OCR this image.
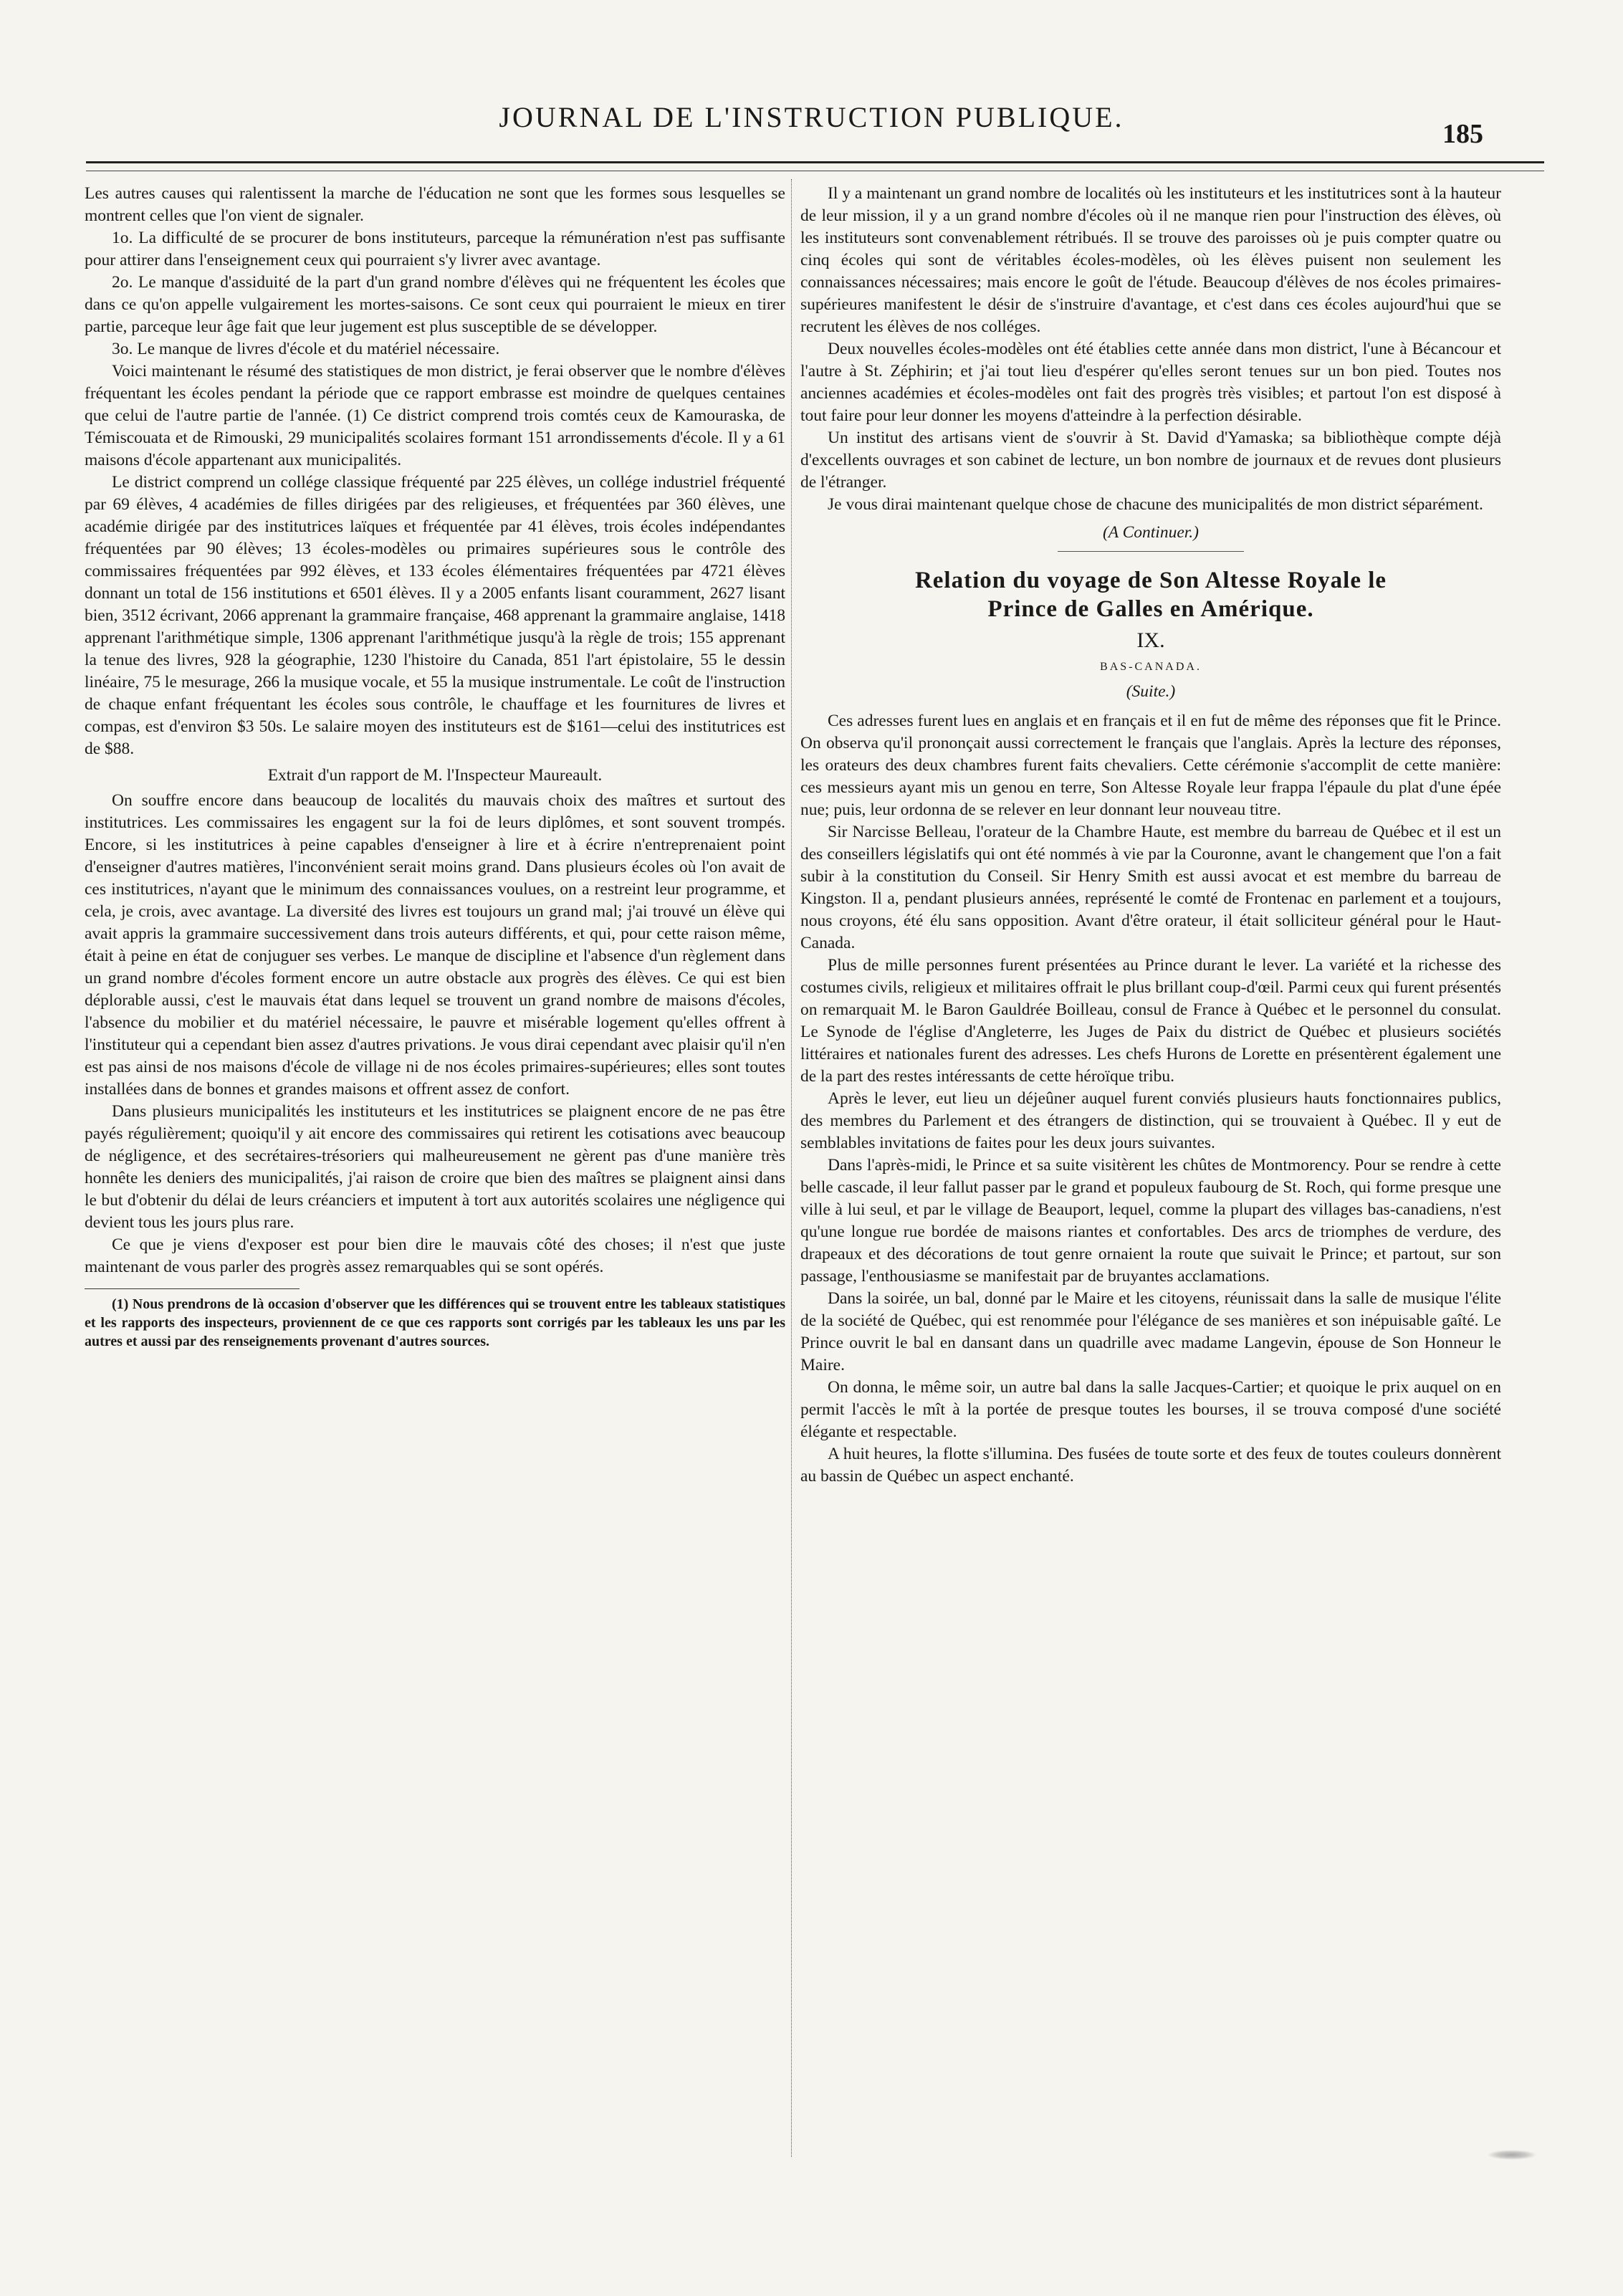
JOURNAL DE L'INSTRUCTION PUBLIQUE.
185

Les autres causes qui ralentissent la marche de l'éducation ne sont que les formes sous lesquelles se montrent celles que l'on vient de signaler.

1o. La difficulté de se procurer de bons instituteurs, parceque la rémunération n'est pas suffisante pour attirer dans l'enseignement ceux qui pourraient s'y livrer avec avantage.

2o. Le manque d'assiduité de la part d'un grand nombre d'élèves qui ne fréquentent les écoles que dans ce qu'on appelle vulgairement les mortes-saisons. Ce sont ceux qui pourraient le mieux en tirer partie, parceque leur âge fait que leur jugement est plus susceptible de se développer.

3o. Le manque de livres d'école et du matériel nécessaire.

Voici maintenant le résumé des statistiques de mon district, je ferai observer que le nombre d'élèves fréquentant les écoles pendant la période que ce rapport embrasse est moindre de quelques centaines que celui de l'autre partie de l'année. (1) Ce district comprend trois comtés ceux de Kamouraska, de Témiscouata et de Rimouski, 29 municipalités scolaires formant 151 arrondissements d'école. Il y a 61 maisons d'école appartenant aux municipalités.

Le district comprend un collége classique fréquenté par 225 élèves, un collége industriel fréquenté par 69 élèves, 4 académies de filles dirigées par des religieuses, et fréquentées par 360 élèves, une académie dirigée par des institutrices laïques et fréquentée par 41 élèves, trois écoles indépendantes fréquentées par 90 élèves; 13 écoles-modèles ou primaires supérieures sous le contrôle des commissaires fréquentées par 992 élèves, et 133 écoles élémentaires fréquentées par 4721 élèves donnant un total de 156 institutions et 6501 élèves. Il y a 2005 enfants lisant couramment, 2627 lisant bien, 3512 écrivant, 2066 apprenant la grammaire française, 468 apprenant la grammaire anglaise, 1418 apprenant l'arithmétique simple, 1306 apprenant l'arithmétique jusqu'à la règle de trois; 155 apprenant la tenue des livres, 928 la géographie, 1230 l'histoire du Canada, 851 l'art épistolaire, 55 le dessin linéaire, 75 le mesurage, 266 la musique vocale, et 55 la musique instrumentale. Le coût de l'instruction de chaque enfant fréquentant les écoles sous contrôle, le chauffage et les fournitures de livres et compas, est d'environ $3 50s. Le salaire moyen des instituteurs est de $161—celui des institutrices est de $88.

Extrait d'un rapport de M. l'Inspecteur Maureault.

On souffre encore dans beaucoup de localités du mauvais choix des maîtres et surtout des institutrices. Les commissaires les engagent sur la foi de leurs diplômes, et sont souvent trompés. Encore, si les institutrices à peine capables d'enseigner à lire et à écrire n'entreprenaient point d'enseigner d'autres matières, l'inconvénient serait moins grand. Dans plusieurs écoles où l'on avait de ces institutrices, n'ayant que le minimum des connaissances voulues, on a restreint leur programme, et cela, je crois, avec avantage. La diversité des livres est toujours un grand mal; j'ai trouvé un élève qui avait appris la grammaire successivement dans trois auteurs différents, et qui, pour cette raison même, était à peine en état de conjuguer ses verbes. Le manque de discipline et l'absence d'un règlement dans un grand nombre d'écoles forment encore un autre obstacle aux progrès des élèves. Ce qui est bien déplorable aussi, c'est le mauvais état dans lequel se trouvent un grand nombre de maisons d'écoles, l'absence du mobilier et du matériel nécessaire, le pauvre et misérable logement qu'elles offrent à l'instituteur qui a cependant bien assez d'autres privations. Je vous dirai cependant avec plaisir qu'il n'en est pas ainsi de nos maisons d'école de village ni de nos écoles primaires-supérieures; elles sont toutes installées dans de bonnes et grandes maisons et offrent assez de confort.

Dans plusieurs municipalités les instituteurs et les institutrices se plaignent encore de ne pas être payés régulièrement; quoiqu'il y ait encore des commissaires qui retirent les cotisations avec beaucoup de négligence, et des secrétaires-trésoriers qui malheureusement ne gèrent pas d'une manière très honnête les deniers des municipalités, j'ai raison de croire que bien des maîtres se plaignent ainsi dans le but d'obtenir du délai de leurs créanciers et imputent à tort aux autorités scolaires une négligence qui devient tous les jours plus rare.

Ce que je viens d'exposer est pour bien dire le mauvais côté des choses; il n'est que juste maintenant de vous parler des progrès assez remarquables qui se sont opérés.

(1) Nous prendrons de là occasion d'observer que les différences qui se trouvent entre les tableaux statistiques et les rapports des inspecteurs, proviennent de ce que ces rapports sont corrigés par les tableaux les uns par les autres et aussi par des renseignements provenant d'autres sources.

Il y a maintenant un grand nombre de localités où les instituteurs et les institutrices sont à la hauteur de leur mission, il y a un grand nombre d'écoles où il ne manque rien pour l'instruction des élèves, où les instituteurs sont convenablement rétribués. Il se trouve des paroisses où je puis compter quatre ou cinq écoles qui sont de véritables écoles-modèles, où les élèves puisent non seulement les connaissances nécessaires; mais encore le goût de l'étude. Beaucoup d'élèves de nos écoles primaires-supérieures manifestent le désir de s'instruire d'avantage, et c'est dans ces écoles aujourd'hui que se recrutent les élèves de nos colléges.

Deux nouvelles écoles-modèles ont été établies cette année dans mon district, l'une à Bécancour et l'autre à St. Zéphirin; et j'ai tout lieu d'espérer qu'elles seront tenues sur un bon pied. Toutes nos anciennes académies et écoles-modèles ont fait des progrès très visibles; et partout l'on est disposé à tout faire pour leur donner les moyens d'atteindre à la perfection désirable.

Un institut des artisans vient de s'ouvrir à St. David d'Yamaska; sa bibliothèque compte déjà d'excellents ouvrages et son cabinet de lecture, un bon nombre de journaux et de revues dont plusieurs de l'étranger.

Je vous dirai maintenant quelque chose de chacune des municipalités de mon district séparément.

(A Continuer.)
Relation du voyage de Son Altesse Royale le
Prince de Galles en Amérique.
IX.
BAS-CANADA.
(Suite.)

Ces adresses furent lues en anglais et en français et il en fut de même des réponses que fit le Prince. On observa qu'il prononçait aussi correctement le français que l'anglais. Après la lecture des réponses, les orateurs des deux chambres furent faits chevaliers. Cette cérémonie s'accomplit de cette manière: ces messieurs ayant mis un genou en terre, Son Altesse Royale leur frappa l'épaule du plat d'une épée nue; puis, leur ordonna de se relever en leur donnant leur nouveau titre.

Sir Narcisse Belleau, l'orateur de la Chambre Haute, est membre du barreau de Québec et il est un des conseillers législatifs qui ont été nommés à vie par la Couronne, avant le changement que l'on a fait subir à la constitution du Conseil. Sir Henry Smith est aussi avocat et est membre du barreau de Kingston. Il a, pendant plusieurs années, représenté le comté de Frontenac en parlement et a toujours, nous croyons, été élu sans opposition. Avant d'être orateur, il était solliciteur général pour le Haut-Canada.

Plus de mille personnes furent présentées au Prince durant le lever. La variété et la richesse des costumes civils, religieux et militaires offrait le plus brillant coup-d'œil. Parmi ceux qui furent présentés on remarquait M. le Baron Gauldrée Boilleau, consul de France à Québec et le personnel du consulat. Le Synode de l'église d'Angleterre, les Juges de Paix du district de Québec et plusieurs sociétés littéraires et nationales furent des adresses. Les chefs Hurons de Lorette en présentèrent également une de la part des restes intéressants de cette héroïque tribu.

Après le lever, eut lieu un déjeûner auquel furent conviés plusieurs hauts fonctionnaires publics, des membres du Parlement et des étrangers de distinction, qui se trouvaient à Québec. Il y eut de semblables invitations de faites pour les deux jours suivantes.

Dans l'après-midi, le Prince et sa suite visitèrent les chûtes de Montmorency. Pour se rendre à cette belle cascade, il leur fallut passer par le grand et populeux faubourg de St. Roch, qui forme presque une ville à lui seul, et par le village de Beauport, lequel, comme la plupart des villages bas-canadiens, n'est qu'une longue rue bordée de maisons riantes et confortables. Des arcs de triomphes de verdure, des drapeaux et des décorations de tout genre ornaient la route que suivait le Prince; et partout, sur son passage, l'enthousiasme se manifestait par de bruyantes acclamations.

Dans la soirée, un bal, donné par le Maire et les citoyens, réunissait dans la salle de musique l'élite de la société de Québec, qui est renommée pour l'élégance de ses manières et son inépuisable gaîté. Le Prince ouvrit le bal en dansant dans un quadrille avec madame Langevin, épouse de Son Honneur le Maire.

On donna, le même soir, un autre bal dans la salle Jacques-Cartier; et quoique le prix auquel on en permit l'accès le mît à la portée de presque toutes les bourses, il se trouva composé d'une société élégante et respectable.

A huit heures, la flotte s'illumina. Des fusées de toute sorte et des feux de toutes couleurs donnèrent au bassin de Québec un aspect enchanté.
